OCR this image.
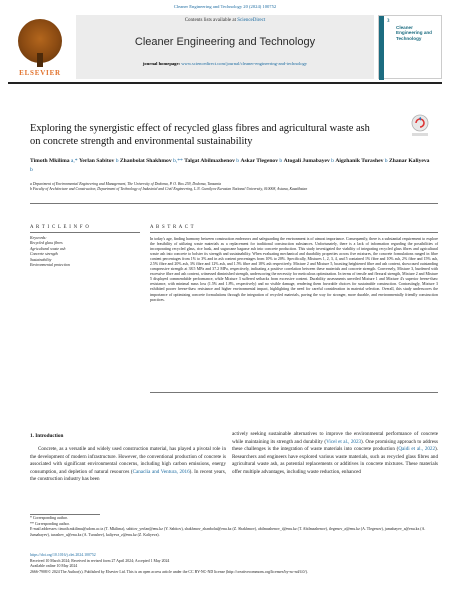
Cleaner Engineering and Technology 20 (2024) 100752
ELSEVIER
Contents lists available at ScienceDirect
Cleaner Engineering and Technology
journal homepage: www.sciencedirect.com/journal/cleaner-engineering-and-technology
3
Cleaner Engineering and Technology
Exploring the synergistic effect of recycled glass fibres and agricultural waste ash on concrete strength and environmental sustainability
Timoth Mkilima a,* Yerlan Sabitov b Zhanbolat Shakhmov b,** Talgat Abilmazhenov b Askar Tlegenov b Atogali Jumabayev b Aigzhanik Turashev b Zhanar Kaliyeva b
a Department of Environmental Engineering and Management, The University of Dodoma, P. O. Box 259, Dodoma, Tanzania
b Faculty of Architecture and Construction, Department of Technology of Industrial and Civil Engineering, L.N. Gumilyov Eurasian National University, 010008, Astana, Kazakhstan
A R T I C L E I N F O	A B S T R A C T
Keywords:
Recycled glass fibres
Agricultural waste ash
Concrete strength
Sustainability
Environmental protection
In today's age, finding harmony between construction endeavors and safeguarding the environment is of utmost importance. Consequently, there is a substantial requirement to explore the feasibility of utilizing waste materials as a replacement for traditional construction substances. Unfortunately, there is a lack of information regarding the possibilities of incorporating recycled glass, rice husk, and sugarcane bagasse ash into concrete production. This study investigated the viability of integrating recycled glass fibres and agricultural waste ash into concrete to bolster its strength and sustainability. When evaluating mechanical and durability properties across five mixtures, the concrete formulations ranged in fibre content percentages from 1% to 3% and in ash content percentages from 10% to 20%. Specifically, Mixtures 1, 2, 3, 4, and 5 contained 1% fibre and 10% ash, 2% fibre and 15% ash, 2.5% fibre and 20% ash, 3% fibre and 12% ash, and 1.5% fibre and 18% ash respectively. Mixture 2 and Mixture 5, boasting heightened fibre and ash content, showcased outstanding compressive strength at 38.5 MPa and 37.2 MPa, respectively, indicating a positive correlation between these materials and concrete strength. Conversely, Mixture 3, burdened with excessive fibre and ash content, witnessed diminished strength, underscoring the necessity for meticulous optimization. In terms of tensile and flexural strength, Mixture 2 and Mixture 5 displayed commendable performance, while Mixture 3 suffered setbacks from excessive content. Durability assessments unveiled Mixture 1 and Mixture 4's superior freeze-thaw resistance, with minimal mass loss (1.5% and 1.8%, respectively) and no visible damage, rendering them favorable choices for sustainable construction. Contrastingly, Mixture 3 exhibited poorer freeze-thaw resistance and higher environmental impact, highlighting the need for careful consideration in material selection. Overall, this study underscores the importance of optimizing concrete formulations through the integration of recycled materials, paving the way for stronger, more durable, and environmentally friendly construction practices.
1. Introduction
Concrete, as a versatile and widely used construction material, has played a pivotal role in the development of modern infrastructure. However, the conventional production of concrete is associated with significant environmental concerns, including high carbon emissions, energy consumption, and depletion of natural resources (Canaclia and Ventura, 2016). In recent years, the construction industry has been
actively seeking sustainable alternatives to improve the environmental performance of concrete while maintaining its strength and durability (Vicel et al., 2023). One promising approach to address these challenges is the integration of waste materials into concrete production (Qaidi et al., 2022). Researchers and engineers have explored various waste materials, such as recycled glass fibres and agricultural waste ash, as potential replacements or additives in concrete mixtures. These materials offer multiple advantages, including waste reduction, enhanced
* Corresponding author.
** Corresponding author.
E-mail addresses: timoth.mkilima@udom.ac.tz (T. Mkilima), sabitov_yerlan@enu.kz (Y. Sabitov), shakhmov_zhanbolat@enu.kz (Z. Shakhmov), abilmazhenov_t@enu.kz (T. Abilmazhenov), tlegenov_a@enu.kz (A. Tlegenov), jumabayev_a@enu.kz (A. Jumabayev), turashev_a@enu.kz (A. Turashev), kaliyeva_z@enu.kz (Z. Kaliyeva).
https://doi.org/10.1016/j.clet.2024.100752
Received 10 March 2024; Received in revised form 27 April 2024; Accepted 1 May 2024
Available online 10 May 2024
2666-7908/© 2024 The Author(s). Published by Elsevier Ltd. This is an open access article under the CC BY-NC-ND license (http://creativecommons.org/licenses/by-nc-nd/4.0/).
